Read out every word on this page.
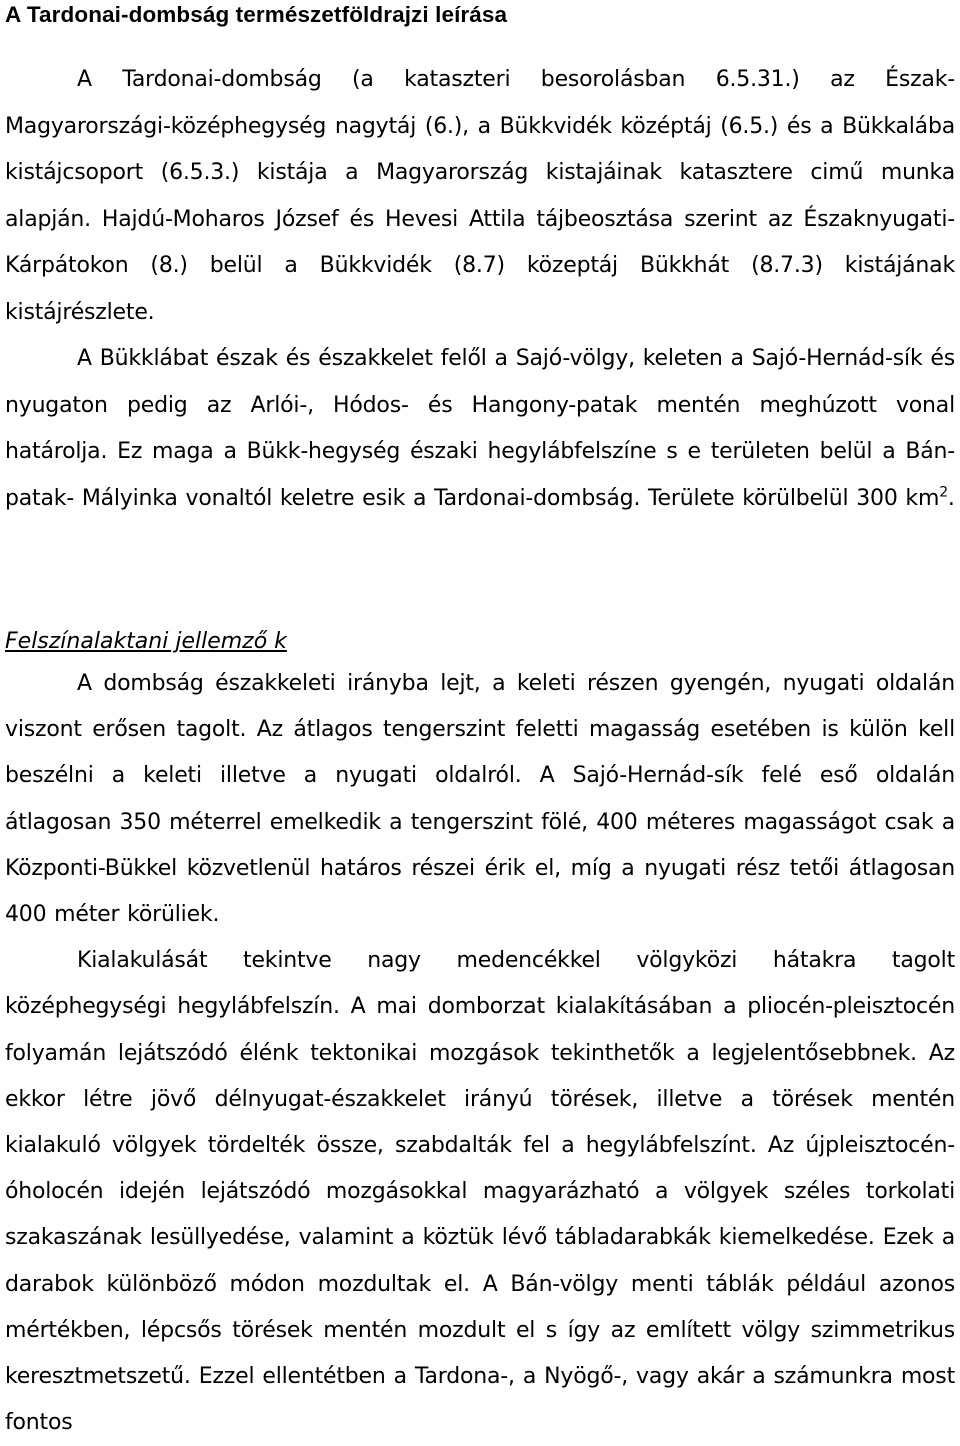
A Tardonai-dombság természetföldrajzi leírása

A Tardonai-dombság (a kataszteri besorolásban 6.5.31.) az Észak-Magyarországi-középhegység nagytáj (6.), a Bükkvidék középtáj (6.5.) és a Bükkalába kistájcsoport (6.5.3.) kistája a Magyarország kistajáinak katasztere cimű munka alapján. Hajdú-Moharos József és Hevesi Attila tájbeosztása szerint az Északnyugati-Kárpátokon (8.) belül a Bükkvidék (8.7) közeptáj Bükkhát (8.7.3) kistájának kistájrészlete.

A Bükklábat észak és északkelet felől a Sajó-völgy, keleten a Sajó-Hernád-sík és nyugaton pedig az Arlói-, Hódos- és Hangony-patak mentén meghúzott vonal határolja. Ez maga a Bükk-hegység északi hegylábfelszíne s e területen belül a Bán-patak- Mályinka vonaltól keletre esik a Tardonai-dombság. Területe körülbelül 300 $km^2$.

Felszínalaktani jellemző k

A dombság északkeleti irányba lejt, a keleti részen gyengén, nyugati oldalán viszont erősen tagolt. Az átlagos tengerszint feletti magasság esetében is külön kell beszélni a keleti illetve a nyugati oldalról. A Sajó-Hernád-sík felé eső oldalán átlagosan 350 méterrel emelkedik a tengerszint fölé, 400 méteres magasságot csak a Központi-Bükkel közvetlenül határos részei érik el, míg a nyugati rész tetői átlagosan 400 méter körüliek.

Kialakulását tekintve nagy medencékkel völgyközi hátakra tagolt középhegységi hegylábfelszín. A mai domborzat kialakításában a pliocén-pleisztocén folyamán lejátszódó élénk tektonikai mozgások tekinthetők a legjelentősebbnek. Az ekkor létre jövő délnyugat-északkelet irányú törések, illetve a törések mentén kialakuló völgyek tördelték össze, szabdalták fel a hegylábfelszínt. Az újpleisztocén-óholocén idején lejátszódó mozgásokkal magyarázható a völgyek széles torkolati szakaszának lesüllyedése, valamint a köztük lévő tábladarabkák kiemelkedése. Ezek a darabok különböző módon mozdultak el. A Bán-völgy menti táblák például azonos mértékben, lépcsős törések mentén mozdult el s így az említett völgy szimmetrikus keresztmetszetű. Ezzel ellentétben a Tardona-, a Nyögő-, vagy akár a számunkra most fontos
